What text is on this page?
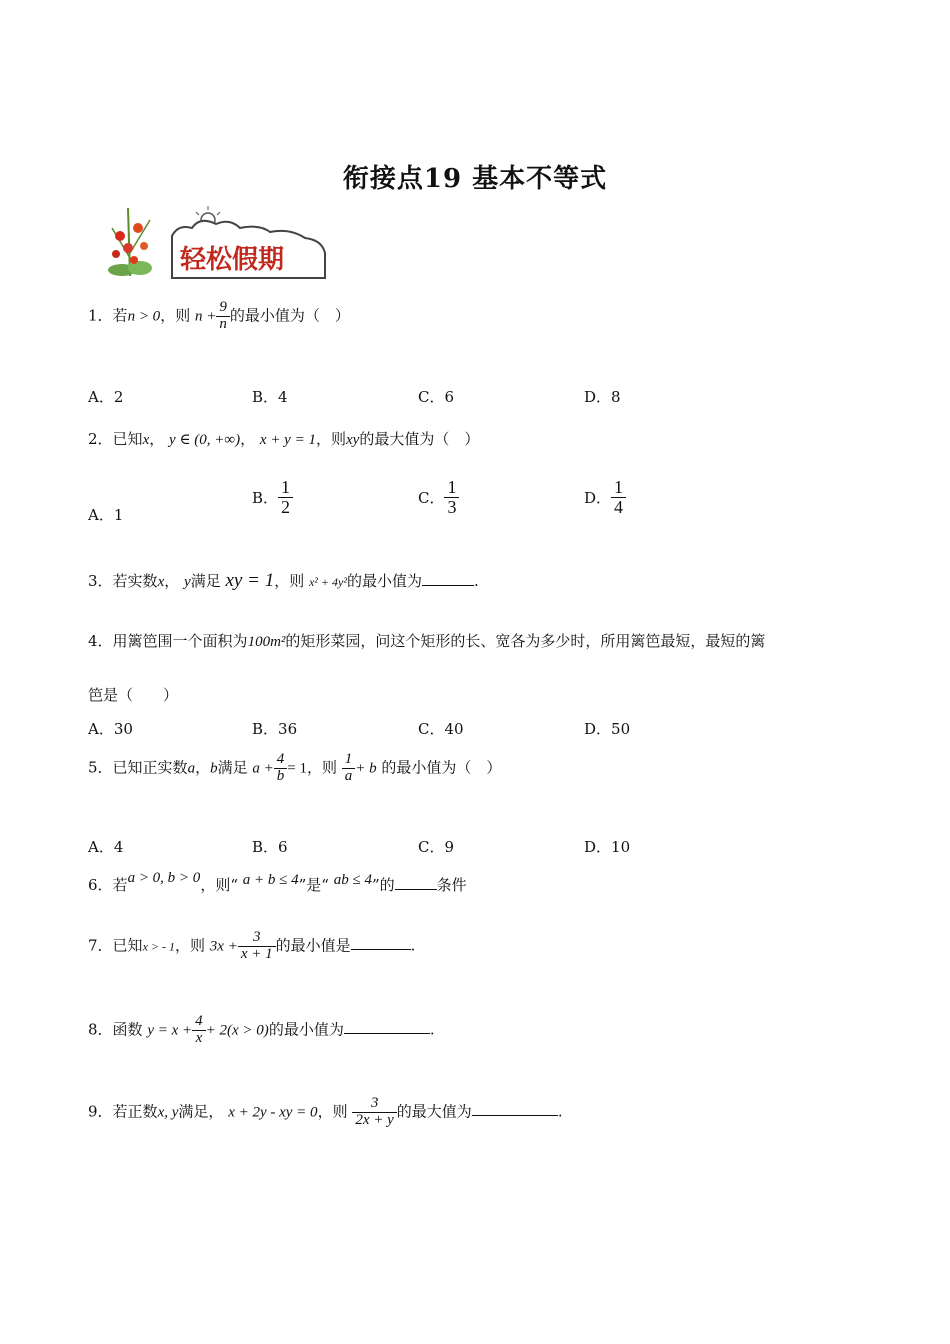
衔接点19 基本不等式
轻松假期
1．若n > 0，则 $n + \frac{9}{n}$ 的最小值为（　）
A．2	B．4	C．6	D．8
2．已知x， y ∈ (0, +∞)， x + y = 1，则xy的最大值为（　）
A．1
B． $\frac{1}{2}$	C． $\frac{1}{3}$	D． $\frac{1}{4}$
3．若实数x， y满足 xy = 1，则 x² + 4y²的最小值为	.
4．用篱笆围一个面积为100m²的矩形菜园，问这个矩形的长、宽各为多少时，所用篱笆最短，最短的篱
笆是（　　）
A．30	B．36	C．40	D．50
5．已知正实数a，b满足 $a + \frac{4}{b} = 1$，则 $\frac{1}{a} + b$ 的最小值为（　）
A．4	B．6	C．9	D．10
6．若a > 0, b > 0，则“ a + b ≤ 4”是“ ab ≤ 4”的	条件
7．已知x > - 1，则 $3x + \frac{3}{x + 1}$ 的最小值是	.
8．函数 $y = x + \frac{4}{x} + 2(x > 0)$的最小值为	.
9．若正数x, y满足， x + 2y - xy = 0，则 $\frac{3}{2x + y}$ 的最大值为	.
